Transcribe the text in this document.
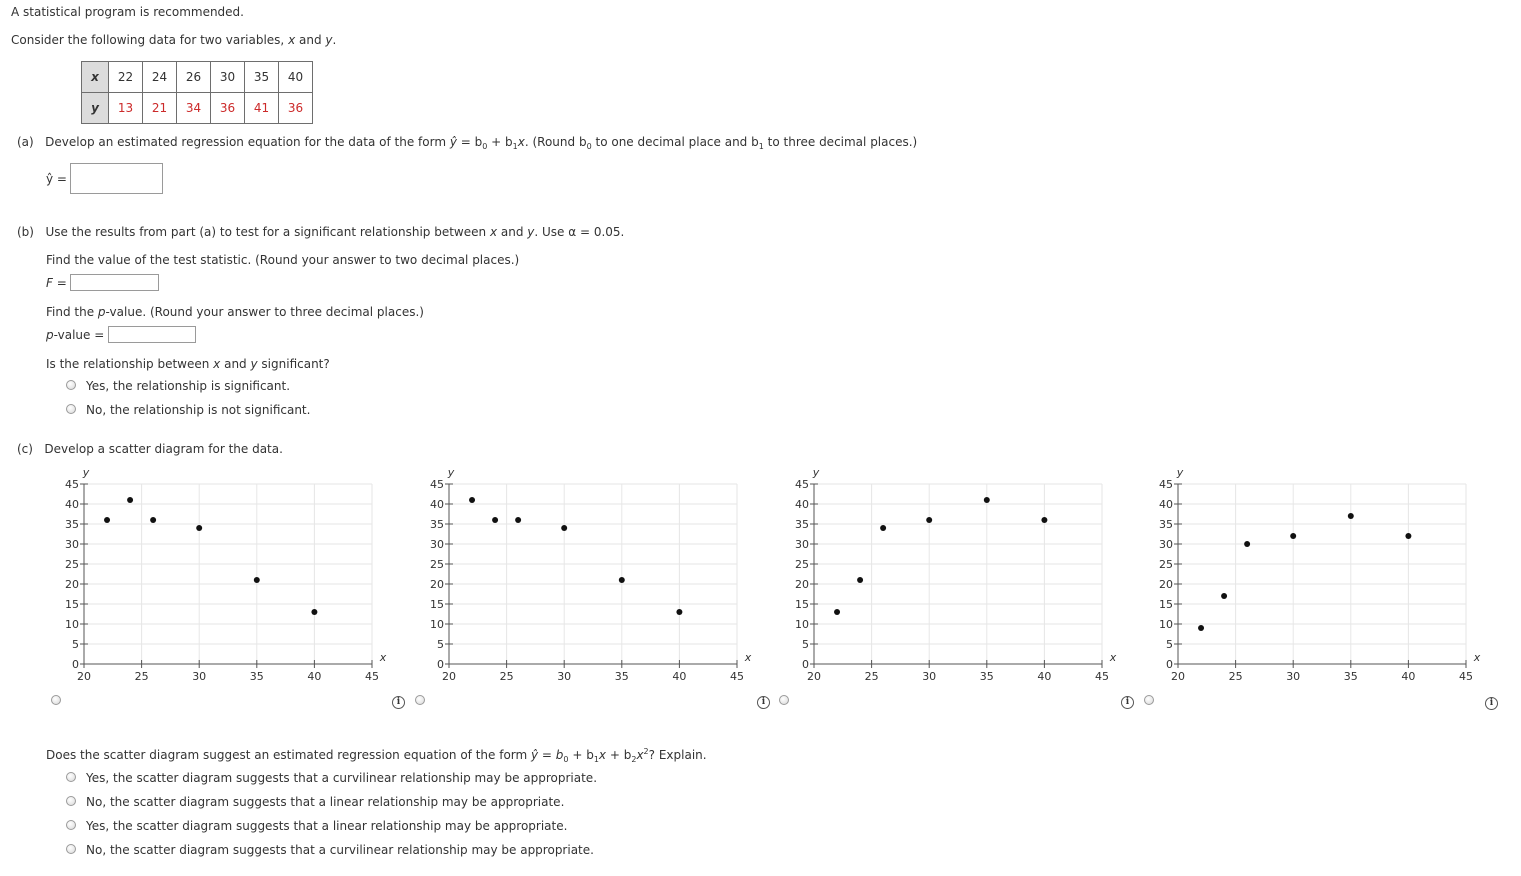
A statistical program is recommended.
Consider the following data for two variables, x and y.
x	22	24	26	30	35	40
y	13	21	34	36	41	36
(a) Develop an estimated regression equation for the data of the form ŷ = $b_0 + b_1x$. (Round $b_0$ to one decimal place and $b_1$ to three decimal places.)
ŷ =
(b) Use the results from part (a) to test for a significant relationship between x and y. Use α = 0.05.
Find the value of the test statistic. (Round your answer to two decimal places.)
F =
Find the p-value. (Round your answer to three decimal places.)
p-value =
Is the relationship between x and y significant?
Yes, the relationship is significant.
No, the relationship is not significant.
(c) Develop a scatter diagram for the data.
0
5
10
15
20
25
30
35
40
45
20	25	30	35	40	45
y
x
0
5
10
15
20
25
30
35
40
45
20	25	30	35	40	45
y
x
0
5
10
15
20
25
30
35
40
45
20	25	30	35	40	45
y
x
0
5
10
15
20
25
30
35
40
45
20	25	30	35	40	45
y
x
i	i	i	i
Does the scatter diagram suggest an estimated regression equation of the form ŷ = $b_0 + b_1x + b_2x^2$? Explain.
Yes, the scatter diagram suggests that a curvilinear relationship may be appropriate.
No, the scatter diagram suggests that a linear relationship may be appropriate.
Yes, the scatter diagram suggests that a linear relationship may be appropriate.
No, the scatter diagram suggests that a curvilinear relationship may be appropriate.
